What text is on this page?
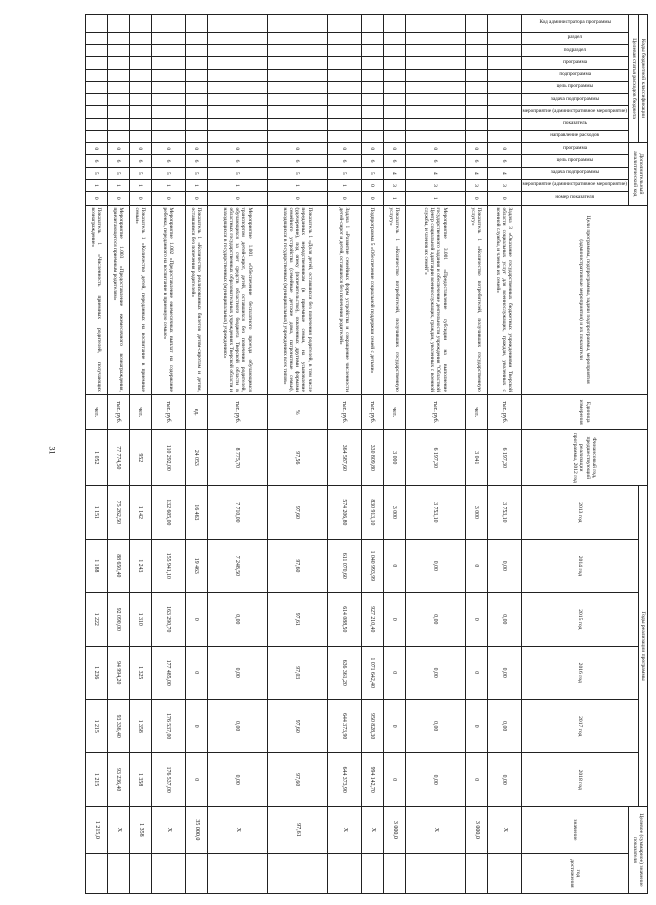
31
Коды бюджетной классификации										Дополнительный аналитический код					Цели программы, подпрограммы, задачи подпрограммы, мероприятия (административные мероприятия) и их показатели	Единица измерения	Финансовый год, предшествующий реализации программы, 2012 год	Годы реализации программы						Целевое (суммарное) значение показателя	
Целевая статья расходов бюджета																		2013 год	2014 год	2015 год	2016 год	2017 год	2018 год		

Код администратора программы	раздел	подраздел	программа	подпрограмма	цель программы	задача подпрограммы	мероприятие (административное мероприятие)	показатель	направление расходов	программа	цель программы	задача подпрограммы	мероприятие (административное мероприятие)	номер показателя										значение	год достижения
										0	6	4	3	0	Задача 3 «Оказание государственных бюджетных учреждениями Тверской области социальных услуг для военнослужащих, граждан, уволенных с военной службы, и членов их семей»	тыс. руб.	6 197,30	3 753,10	0,00	0,00	0,00	0,00	0,00	X	
										0	6	4	3	0	Показатель 1 «Количество потребителей, получивших государственную услугу»	чел.	3 041	3 000	0	0	0	0	0	3 000,0	
										0	6	4	3	1	Мероприятие 3.001 «Предоставление субсидии на выполнение государственного задания и обеспечение деятельности учреждения "Областной Центр социальной адаптации военнослужащих, граждан, уволенных с военной службы, и членов их семей"»	тыс. руб.	6 197,30	3 753,10	0,00	0,00	0,00	0,00	0,00	X	
										0	6	4	3	1	Показатель 1 «Количество потребителей, получивших государственную услугу»	чел.	3 000	3 000	0	0	0	0	0	3 000,0	
										0	6	5	0	0	Подпрограмма 5 «Обеспечение социальной поддержки семей с детьми»	тыс. руб.	330 809,80	830 913,10	1 040 993,99	927 210,40	1 071 642,40	950 828,30	994 142,70	X	
										0	6	5	1	0	Задача 1 «Развитие семейных форм устройства и сокращение численности детей-сирот и детей, оставшихся без попечения родителей»	тыс. руб.	364 587,60	574 206,80	611 070,60	614 088,50	636 361,20	644 373,90	644 373,90	X	
										0	6	5	1	0	Показатель 1 «Доля детей, оставшихся без попечения родителей, в том числе переданных неродственникам (в приемные семьи, на усыновление (удочерение), под опеку (попечительство), охваченных другими формами семейного устройства (семейные детские дома, патронатные семьи), находящихся в государственных (муниципальных) учреждениях всех типов»	%	97,56	97,60	97,60	97,61	97,03	97,60	97,60	97,61	
										0	6	5	1	0	Мероприятие 1.001 «Обеспечение бесплатного проезда обучающимся транспортом детей-сирот, детей, оставшихся без попечения родителей, обучающихся за счет средств областного бюджета Тверской области в областных государственных образовательных учреждениях Тверской области и находящихся в государственных (муниципальных) учреждениях»	тыс. руб.	8 775,70	7 710,00	7 248,50	0,00	0,00	0,00	0,00	X	
										0	6	5	1	0	Показатель 1 «Количество реализованных билетов детям-сиротам и детям, оставшимся без попечения родителей»	ед.	24 053	16 463	19 463	0	0	0	0	35 000,0	
										0	6	5	1	0	Мероприятие 1.002 «Предоставление ежемесячных выплат на содержание ребенка, переданного на воспитание в приемную семью»	тыс. руб.	110 292,00	132 605,00	155 941,10	163 290,70	177 485,00	176 537,00	176 537,00	X	
										0	6	5	1	0	Показатель 1 «Количество детей, переданных на воспитание в приемные семьи»	чел.	952	1 142	1 243	1 310	1 325	1 358	1 358	1 358	
										0	6	5	1	0	Мероприятие 1.003 «Предоставление ежемесячного вознаграждения, причитающегося приемным родителям»	тыс. руб.	77 774,50	75 262,50	88 650,40	92 090,00	94 994,20	93 336,40	93 236,40	X	
										0	6	5	1	0	Показатель 1 «Численность приемных родителей, получающих вознаграждение»	чел.	1 052	1 151	1 188	1 222	1 236	1 215	1 215	1 215,0	
